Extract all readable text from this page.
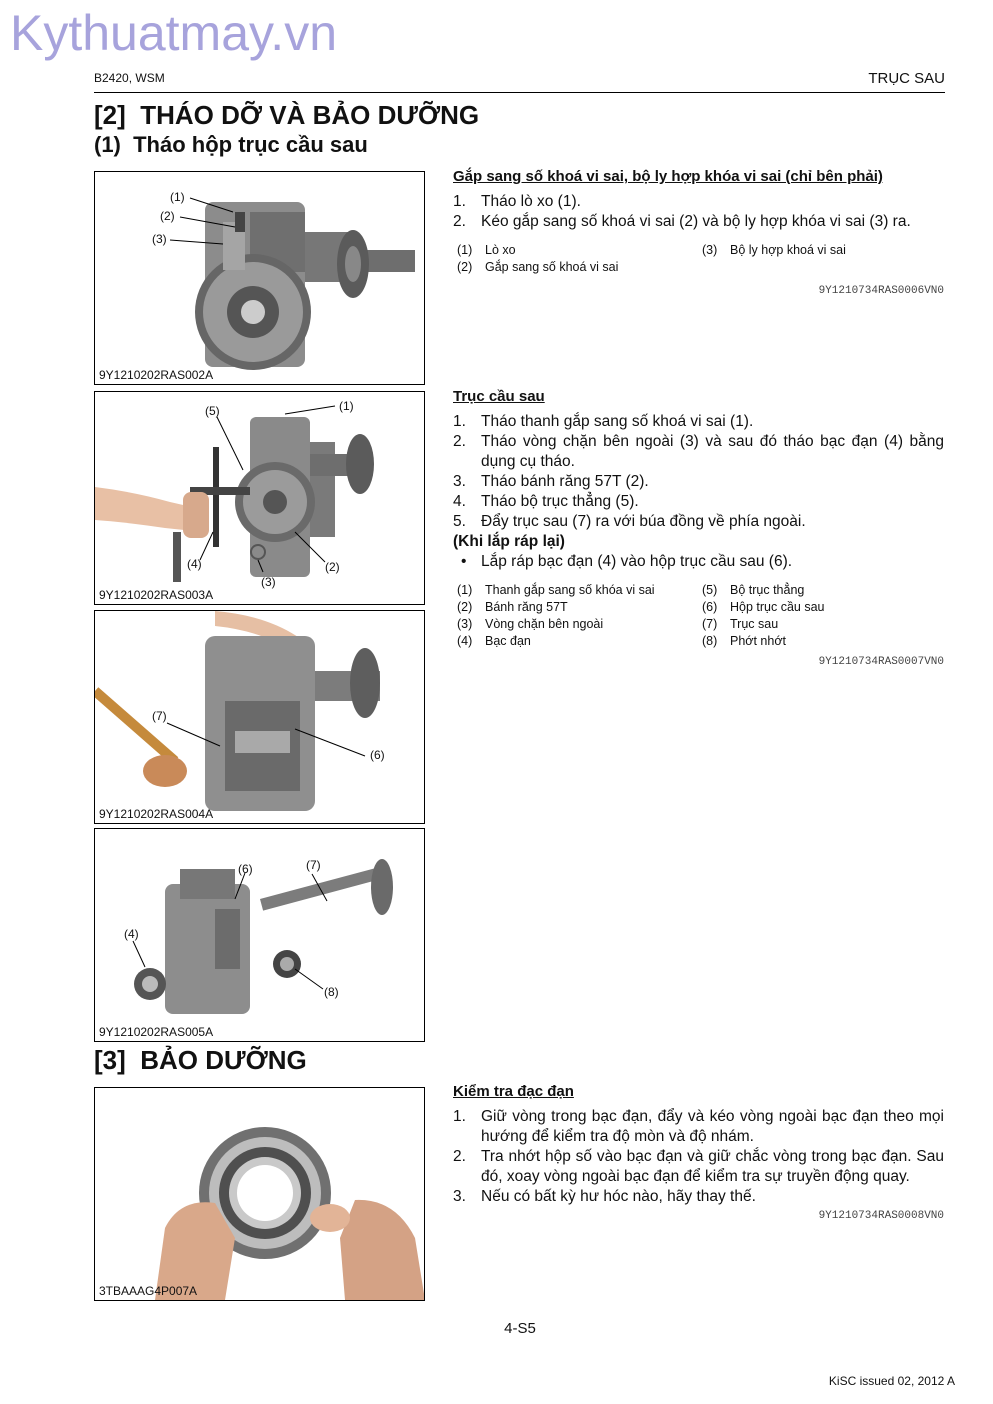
Kythuatmay.vn
B2420, WSM	TRỤC SAU
[2]  THÁO DỠ VÀ BẢO DƯỠNG
(1)  Tháo hộp trục cầu sau
(1)
(2)
(3)
9Y1210202RAS002A
(5)	(1)
(4)
(3)
(2)
9Y1210202RAS003A
(7)
(6)
9Y1210202RAS004A
(6)	(7)
(4)
(8)
9Y1210202RAS005A
[3]  BẢO DƯỠNG
3TBAAAG4P007A
Gắp sang số khoá vi sai, bộ ly hợp khóa vi sai (chỉ bên phải)
1. Tháo lò xo (1).
2. Kéo gắp sang số khoá vi sai (2) và bộ ly hợp khóa vi sai (3) ra.
(1) Lò xo	(3) Bộ ly hợp khoá vi sai
(2) Gắp sang số khoá vi sai
9Y1210734RAS0006VN0
Trục cầu sau
1. Tháo thanh gắp sang số khoá vi sai (1).
2. Tháo vòng chặn bên ngoài (3) và sau đó tháo bạc đạn (4) bằng dụng cụ tháo.
3. Tháo bánh răng 57T (2).
4. Tháo bộ trục thẳng (5).
5. Đẩy trục sau (7) ra với búa đồng về phía ngoài.
(Khi lắp ráp lại)
• Lắp ráp bạc đạn (4) vào hộp trục cầu sau (6).
(1) Thanh gắp sang số khóa vi sai	(5) Bộ trục thẳng
(2) Bánh răng 57T	(6) Hộp trục cầu sau
(3) Vòng chặn bên ngoài	(7) Trục sau
(4) Bạc đạn	(8) Phớt nhớt
9Y1210734RAS0007VN0
Kiểm tra đạc đạn
1. Giữ vòng trong bạc đạn, đẩy và kéo vòng ngoài bạc đạn theo mọi hướng để kiểm tra độ mòn và độ nhám.
2. Tra nhớt hộp số vào bạc đạn và giữ chắc vòng trong bạc đạn. Sau đó, xoay vòng ngoài bạc đạn để kiểm tra sự truyền động quay.
3. Nếu có bất kỳ hư hóc nào, hãy thay thế.
9Y1210734RAS0008VN0
4-S5
KiSC issued 02, 2012 A
